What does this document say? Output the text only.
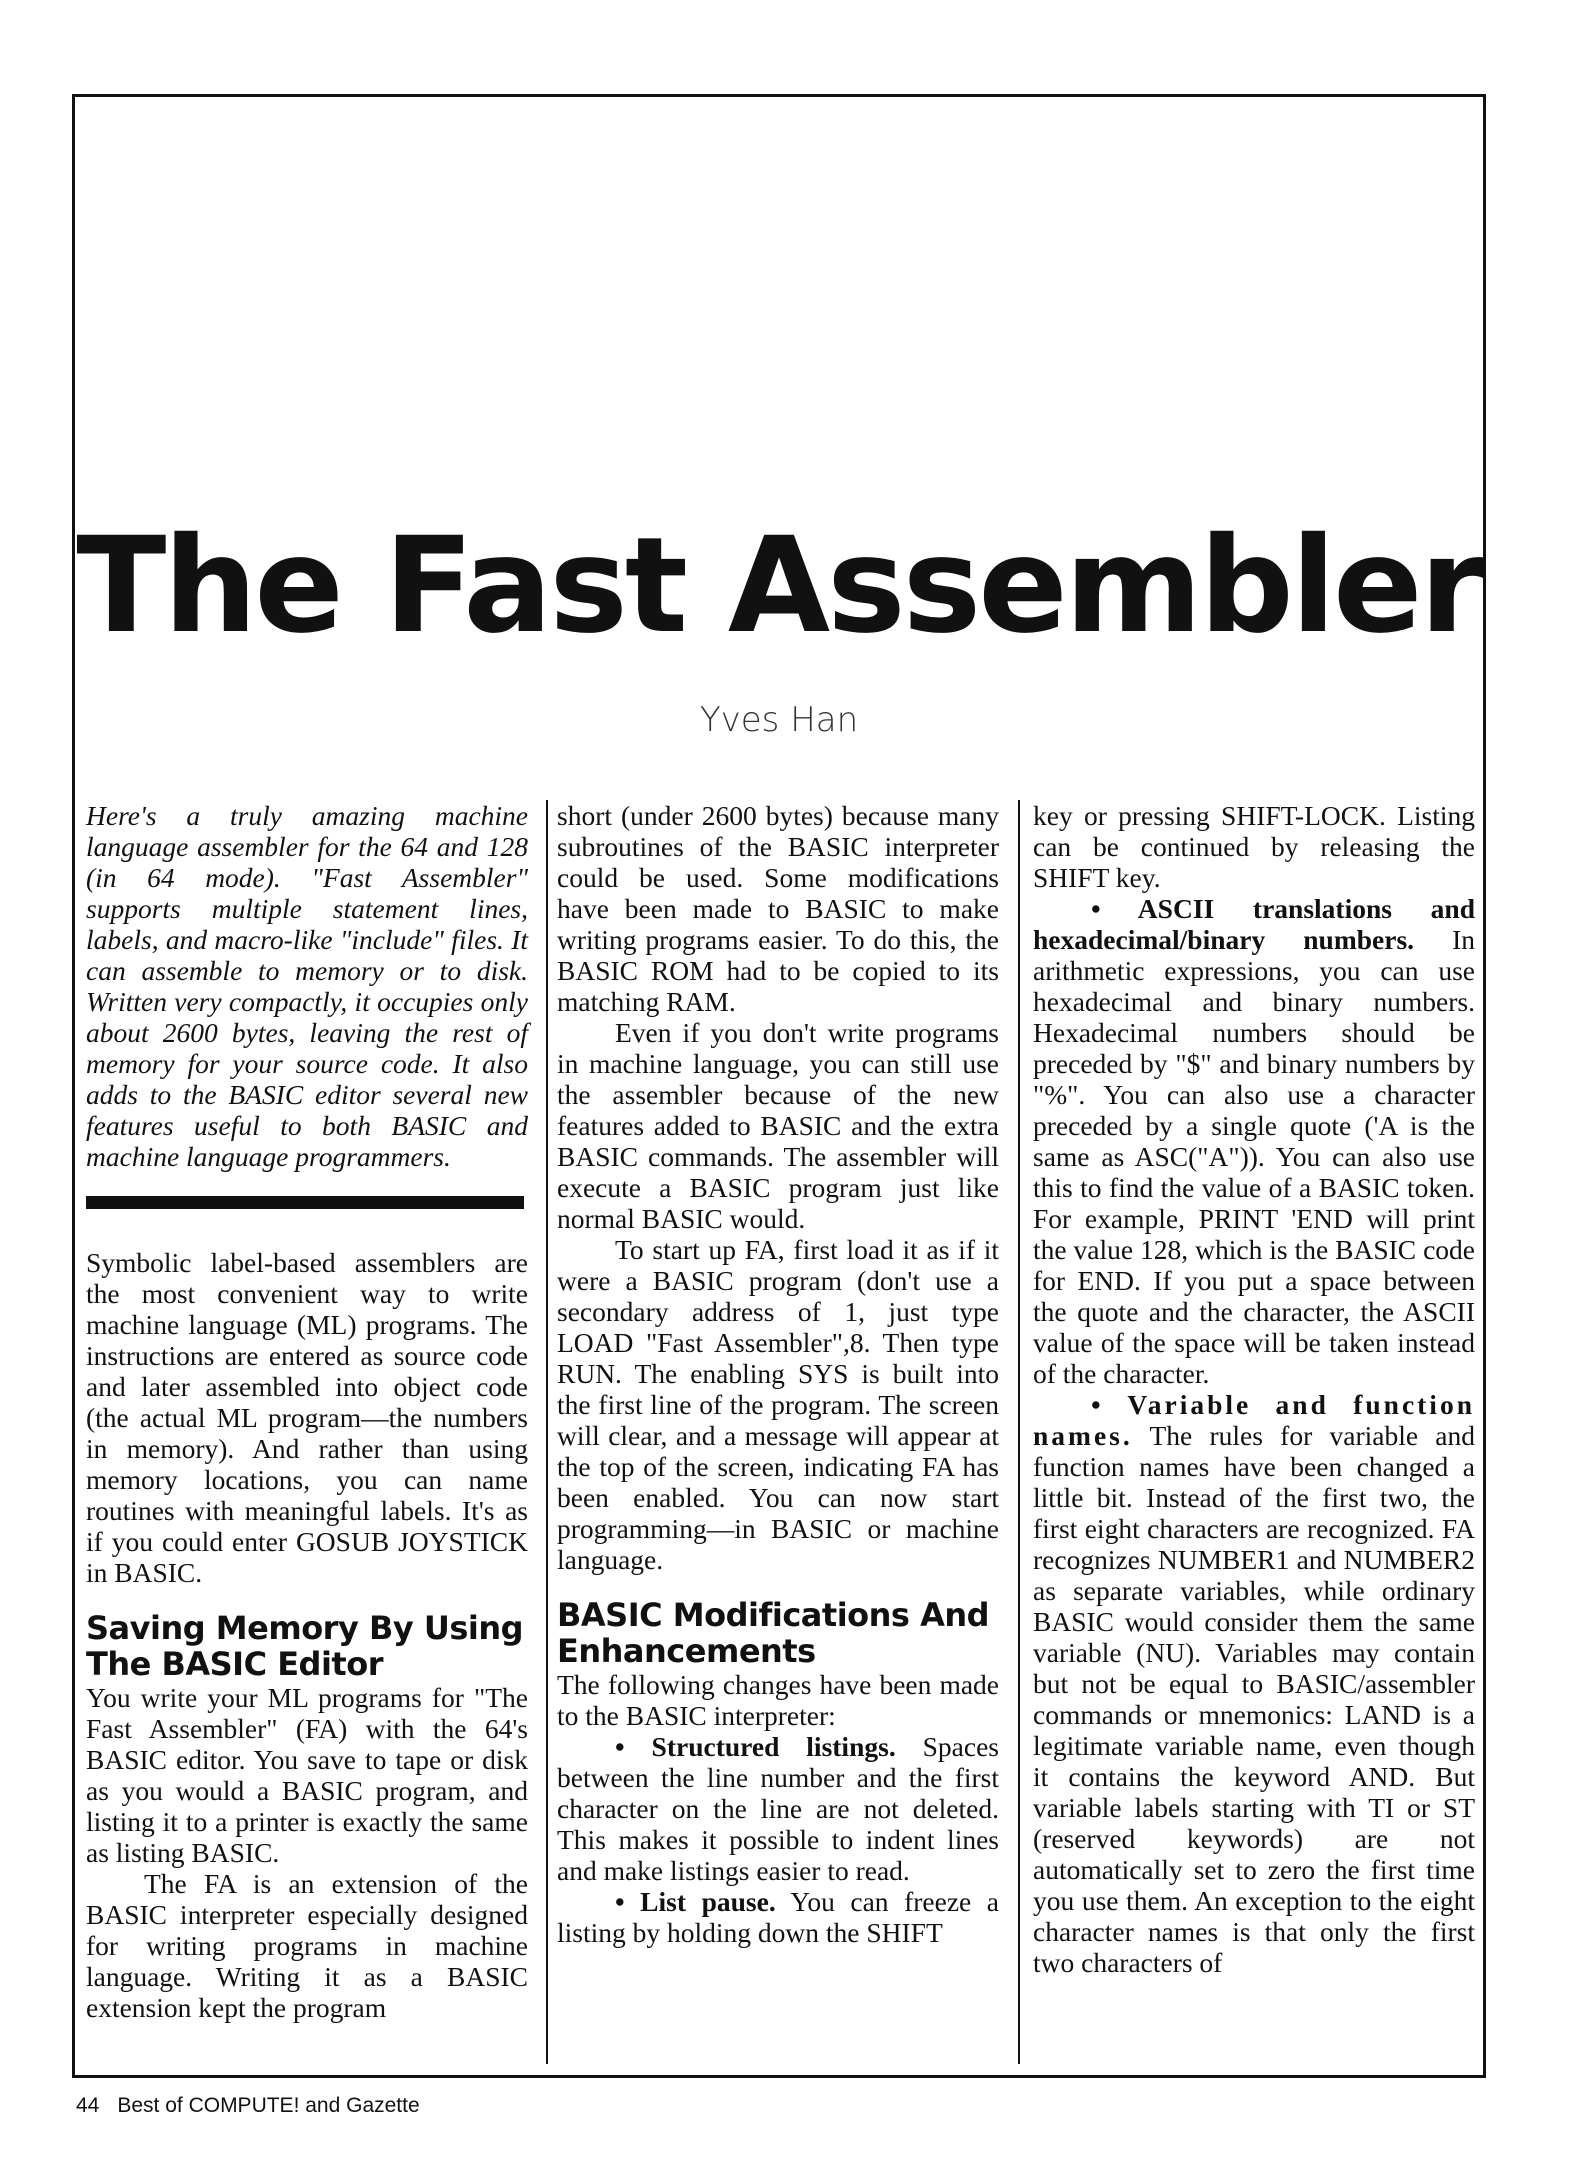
The Fast Assembler

Yves Han

Here's a truly amazing machine language assembler for the 64 and 128 (in 64 mode). "Fast Assembler" supports multiple statement lines, labels, and macro-like "include" files. It can assemble to memory or to disk. Written very compactly, it occupies only about 2600 bytes, leaving the rest of memory for your source code. It also adds to the BASIC editor several new features useful to both BASIC and machine language programmers.

Symbolic label-based assemblers are the most convenient way to write machine language (ML) programs. The instructions are entered as source code and later assembled into object code (the actual ML program—the numbers in memory). And rather than using memory locations, you can name routines with meaningful labels. It's as if you could enter GOSUB JOYSTICK in BASIC.

Saving Memory By Using The BASIC Editor

You write your ML programs for "The Fast Assembler" (FA) with the 64's BASIC editor. You save to tape or disk as you would a BASIC program, and listing it to a printer is exactly the same as listing BASIC.

The FA is an extension of the BASIC interpreter especially designed for writing programs in machine language. Writing it as a BASIC extension kept the program

short (under 2600 bytes) because many subroutines of the BASIC interpreter could be used. Some modifications have been made to BASIC to make writing programs easier. To do this, the BASIC ROM had to be copied to its matching RAM.

Even if you don't write programs in machine language, you can still use the assembler because of the new features added to BASIC and the extra BASIC commands. The assembler will execute a BASIC program just like normal BASIC would.

To start up FA, first load it as if it were a BASIC program (don't use a secondary address of 1, just type LOAD "Fast Assembler",8. Then type RUN. The enabling SYS is built into the first line of the program. The screen will clear, and a message will appear at the top of the screen, indicating FA has been enabled. You can now start programming—in BASIC or machine language.

BASIC Modifications And Enhancements

The following changes have been made to the BASIC interpreter:

• Structured listings. Spaces between the line number and the first character on the line are not deleted. This makes it possible to indent lines and make listings easier to read.

• List pause. You can freeze a listing by holding down the SHIFT

key or pressing SHIFT-LOCK. Listing can be continued by releasing the SHIFT key.

• ASCII translations and hexadecimal/binary numbers. In arithmetic expressions, you can use hexadecimal and binary numbers. Hexadecimal numbers should be preceded by "$" and binary numbers by "%". You can also use a character preceded by a single quote ('A is the same as ASC("A")). You can also use this to find the value of a BASIC token. For example, PRINT 'END will print the value 128, which is the BASIC code for END. If you put a space between the quote and the character, the ASCII value of the space will be taken instead of the character.

• Variable and function names. The rules for variable and function names have been changed a little bit. Instead of the first two, the first eight characters are recognized. FA recognizes NUMBER1 and NUMBER2 as separate variables, while ordinary BASIC would consider them the same variable (NU). Variables may contain but not be equal to BASIC/assembler commands or mnemonics: LAND is a legitimate variable name, even though it contains the keyword AND. But variable labels starting with TI or ST (reserved keywords) are not automatically set to zero the first time you use them. An exception to the eight character names is that only the first two characters of

44 Best of COMPUTE! and Gazette
